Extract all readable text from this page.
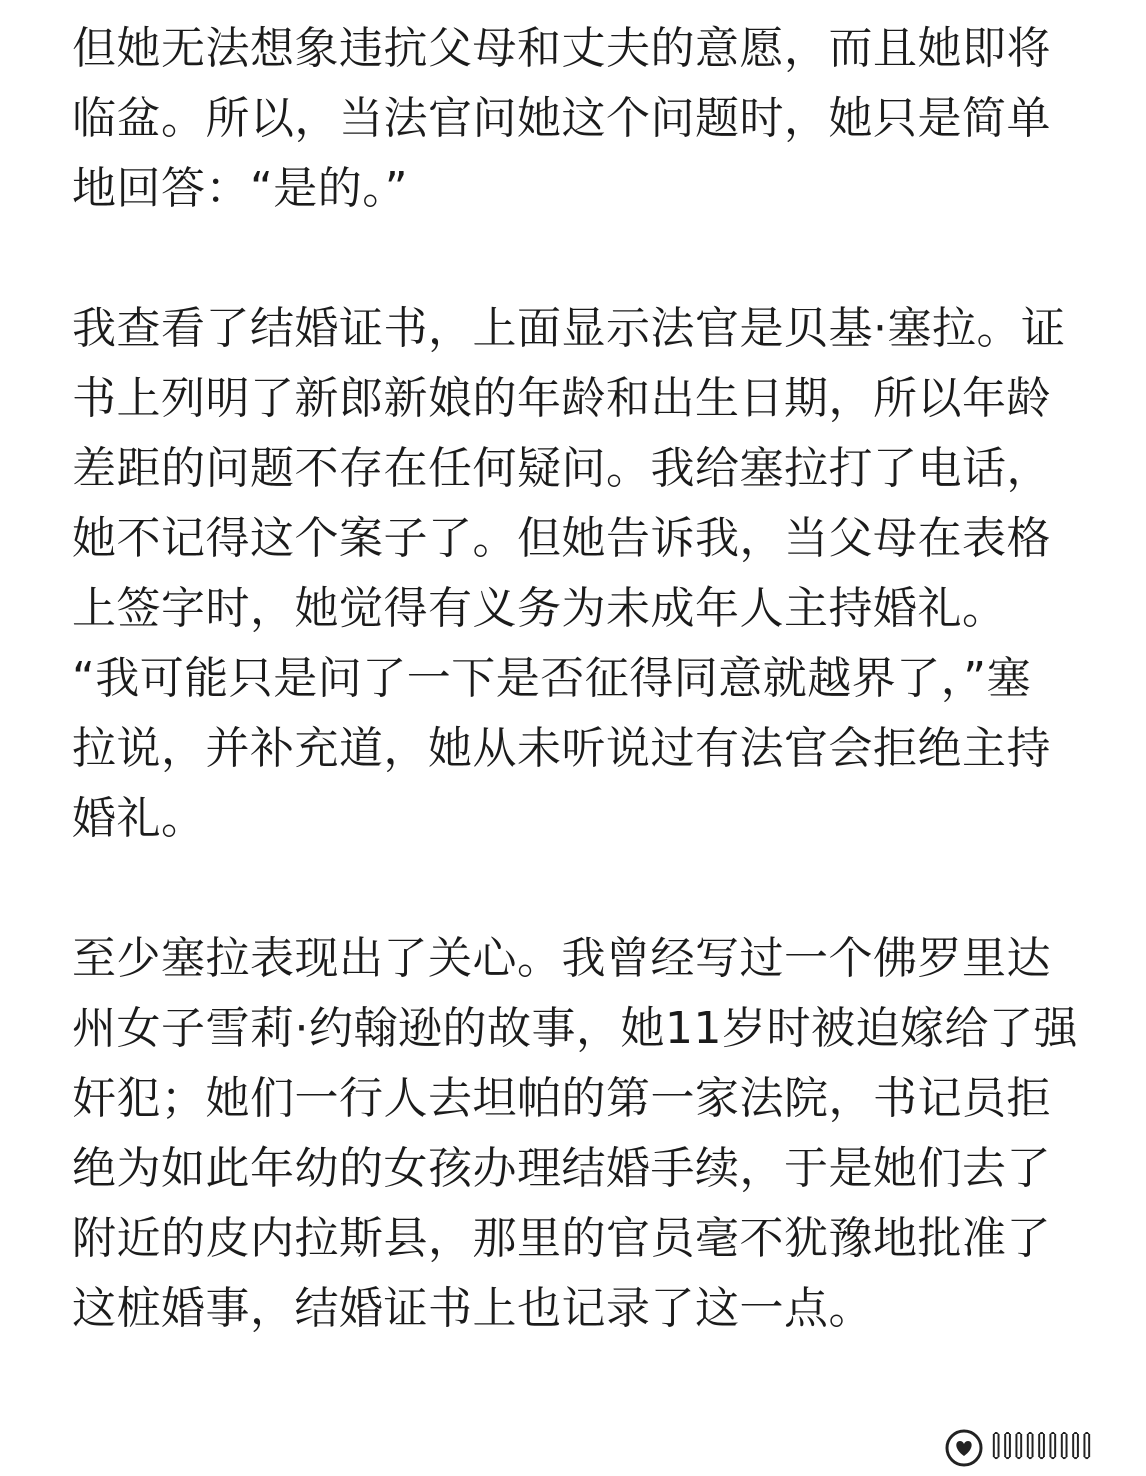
但她无法想象违抗父母和丈夫的意愿，而且她即将
临盆。所以，当法官问她这个问题时，她只是简单
地回答：“是的。”
我查看了结婚证书，上面显示法官是贝基·塞拉。证
书上列明了新郎新娘的年龄和出生日期，所以年龄
差距的问题不存在任何疑问。我给塞拉打了电话，
她不记得这个案子了。但她告诉我，当父母在表格
上签字时，她觉得有义务为未成年人主持婚礼。
“我可能只是问了一下是否征得同意就越界了，”塞
拉说，并补充道，她从未听说过有法官会拒绝主持
婚礼。
至少塞拉表现出了关心。我曾经写过一个佛罗里达
州女子雪莉·约翰逊的故事，她11岁时被迫嫁给了强
奸犯；她们一行人去坦帕的第一家法院，书记员拒
绝为如此年幼的女孩办理结婚手续，于是她们去了
附近的皮内拉斯县，那里的官员毫不犹豫地批准了
这桩婚事，结婚证书上也记录了这一点。
lllllllll
